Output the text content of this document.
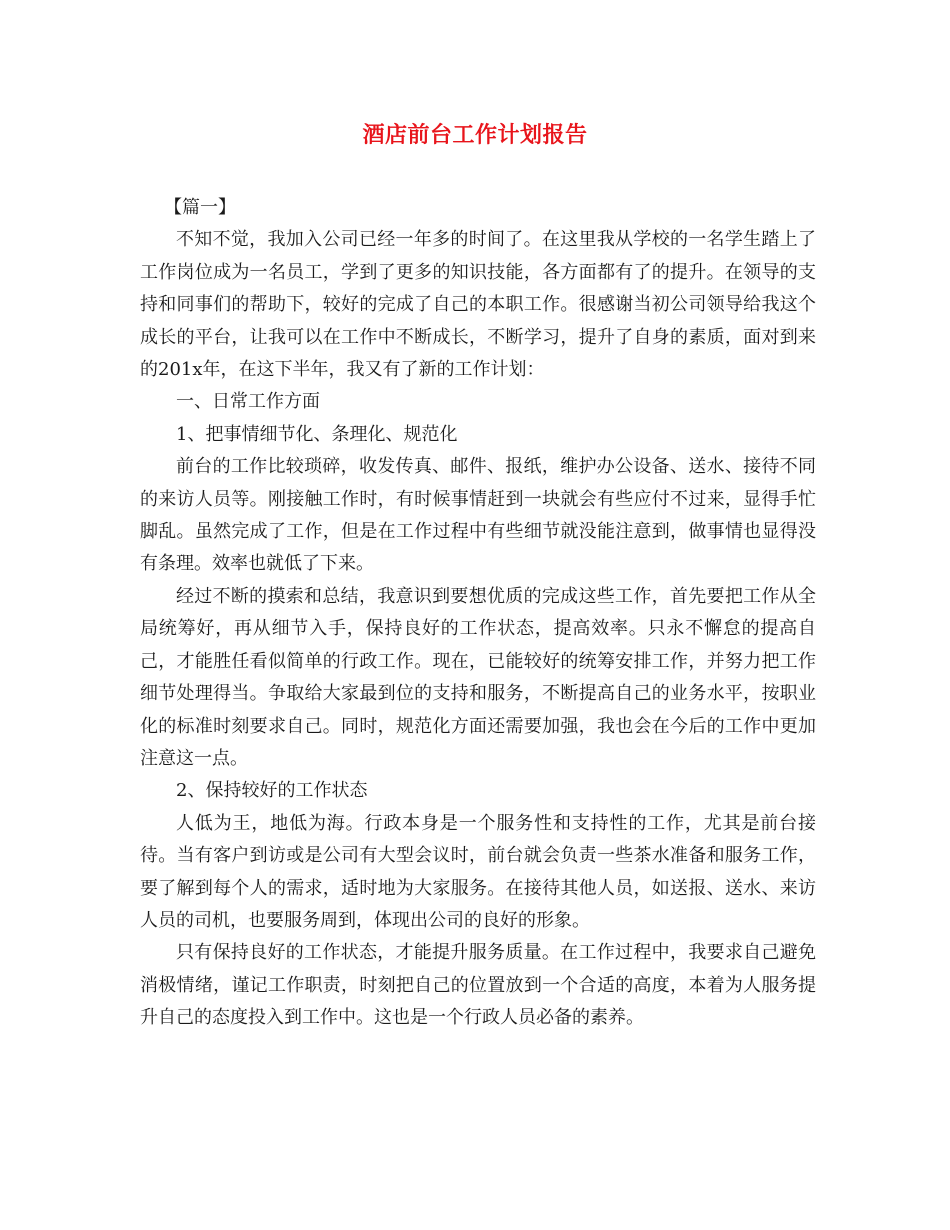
酒店前台工作计划报告

【篇一】

不知不觉，我加入公司已经一年多的时间了。在这里我从学校的一名学生踏上了工作岗位成为一名员工，学到了更多的知识技能，各方面都有了的提升。在领导的支持和同事们的帮助下，较好的完成了自己的本职工作。很感谢当初公司领导给我这个成长的平台，让我可以在工作中不断成长，不断学习，提升了自身的素质，面对到来的201x年，在这下半年，我又有了新的工作计划：

一、日常工作方面

1、把事情细节化、条理化、规范化

前台的工作比较琐碎，收发传真、邮件、报纸，维护办公设备、送水、接待不同的来访人员等。刚接触工作时，有时候事情赶到一块就会有些应付不过来，显得手忙脚乱。虽然完成了工作，但是在工作过程中有些细节就没能注意到，做事情也显得没有条理。效率也就低了下来。

经过不断的摸索和总结，我意识到要想优质的完成这些工作，首先要把工作从全局统筹好，再从细节入手，保持良好的工作状态，提高效率。只永不懈怠的提高自己，才能胜任看似简单的行政工作。现在，已能较好的统筹安排工作，并努力把工作细节处理得当。争取给大家最到位的支持和服务，不断提高自己的业务水平，按职业化的标准时刻要求自己。同时，规范化方面还需要加强，我也会在今后的工作中更加注意这一点。

2、保持较好的工作状态

人低为王，地低为海。行政本身是一个服务性和支持性的工作，尤其是前台接待。当有客户到访或是公司有大型会议时，前台就会负责一些茶水准备和服务工作，要了解到每个人的需求，适时地为大家服务。在接待其他人员，如送报、送水、来访人员的司机，也要服务周到，体现出公司的良好的形象。

只有保持良好的工作状态，才能提升服务质量。在工作过程中，我要求自己避免消极情绪，谨记工作职责，时刻把自己的位置放到一个合适的高度，本着为人服务提升自己的态度投入到工作中。这也是一个行政人员必备的素养。
